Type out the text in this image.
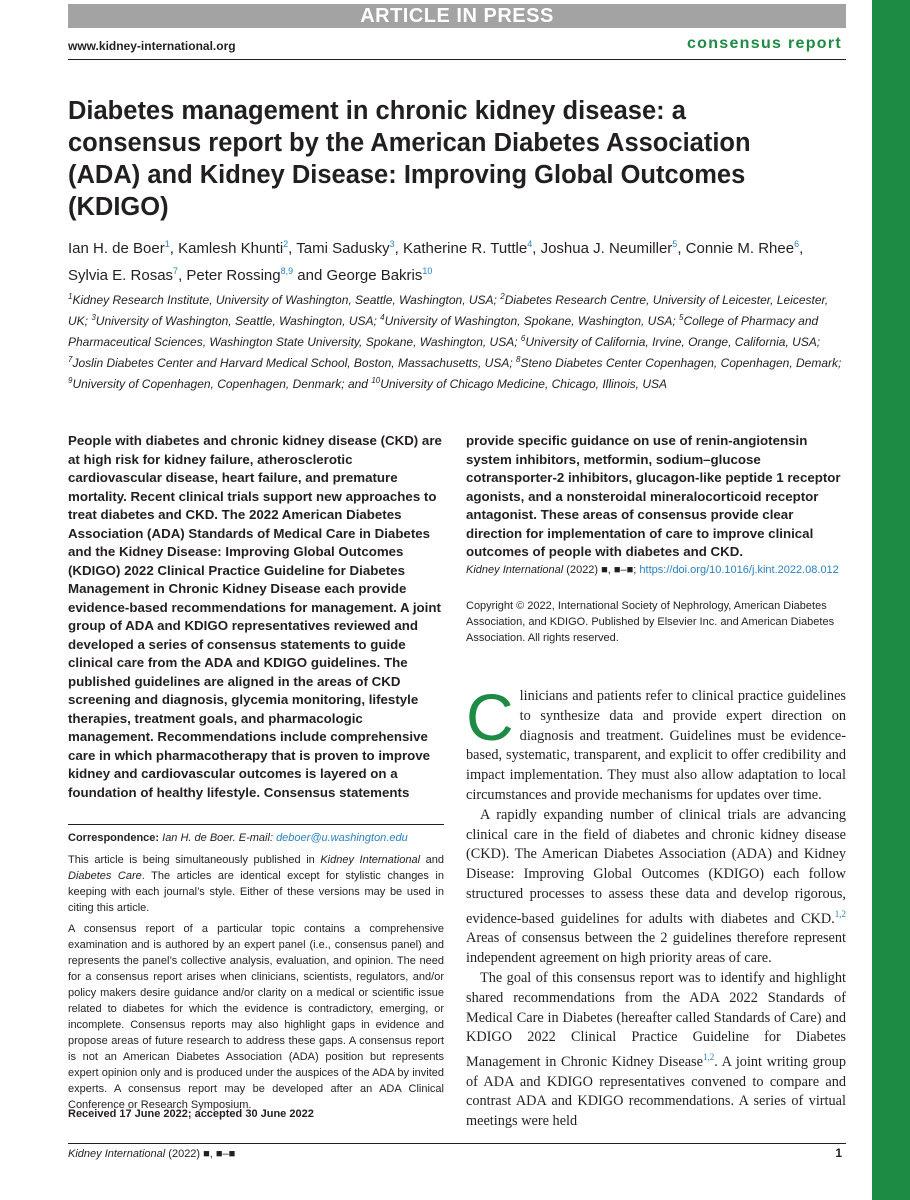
ARTICLE IN PRESS
www.kidney-international.org	consensus report
Diabetes management in chronic kidney disease: a consensus report by the American Diabetes Association (ADA) and Kidney Disease: Improving Global Outcomes (KDIGO)
Ian H. de Boer$^1$, Kamlesh Khunti$^2$, Tami Sadusky$^3$, Katherine R. Tuttle$^4$, Joshua J. Neumiller$^5$, Connie M. Rhee$^6$, Sylvia E. Rosas$^7$, Peter Rossing$^{8,9}$ and George Bakris$^{10}$
$^1$Kidney Research Institute, University of Washington, Seattle, Washington, USA; $^2$Diabetes Research Centre, University of Leicester, Leicester, UK; $^3$University of Washington, Seattle, Washington, USA; $^4$University of Washington, Spokane, Washington, USA; $^5$College of Pharmacy and Pharmaceutical Sciences, Washington State University, Spokane, Washington, USA; $^6$University of California, Irvine, Orange, California, USA; $^7$Joslin Diabetes Center and Harvard Medical School, Boston, Massachusetts, USA; $^8$Steno Diabetes Center Copenhagen, Copenhagen, Demark; $^9$University of Copenhagen, Copenhagen, Denmark; and $^{10}$University of Chicago Medicine, Chicago, Illinois, USA
People with diabetes and chronic kidney disease (CKD) are at high risk for kidney failure, atherosclerotic cardiovascular disease, heart failure, and premature mortality. Recent clinical trials support new approaches to treat diabetes and CKD. The 2022 American Diabetes Association (ADA) Standards of Medical Care in Diabetes and the Kidney Disease: Improving Global Outcomes (KDIGO) 2022 Clinical Practice Guideline for Diabetes Management in Chronic Kidney Disease each provide evidence-based recommendations for management. A joint group of ADA and KDIGO representatives reviewed and developed a series of consensus statements to guide clinical care from the ADA and KDIGO guidelines. The published guidelines are aligned in the areas of CKD screening and diagnosis, glycemia monitoring, lifestyle therapies, treatment goals, and pharmacologic management. Recommendations include comprehensive care in which pharmacotherapy that is proven to improve kidney and cardiovascular outcomes is layered on a foundation of healthy lifestyle. Consensus statements
provide specific guidance on use of renin-angiotensin system inhibitors, metformin, sodium–glucose cotransporter-2 inhibitors, glucagon-like peptide 1 receptor agonists, and a nonsteroidal mineralocorticoid receptor antagonist. These areas of consensus provide clear direction for implementation of care to improve clinical outcomes of people with diabetes and CKD.
Kidney International (2022) ■, ■–■; https://doi.org/10.1016/j.kint.2022.08.012
Copyright © 2022, International Society of Nephrology, American Diabetes Association, and KDIGO. Published by Elsevier Inc. and American Diabetes Association. All rights reserved.

Clinicians and patients refer to clinical practice guidelines to synthesize data and provide expert direction on diagnosis and treatment. Guidelines must be evidence-based, systematic, transparent, and explicit to offer credibility and impact implementation. They must also allow adaptation to local circumstances and provide mechanisms for updates over time.

A rapidly expanding number of clinical trials are advancing clinical care in the field of diabetes and chronic kidney disease (CKD). The American Diabetes Association (ADA) and Kidney Disease: Improving Global Outcomes (KDIGO) each follow structured processes to assess these data and develop rigorous, evidence-based guidelines for adults with diabetes and CKD.$^{1,2}$ Areas of consensus between the 2 guidelines therefore represent independent agreement on high priority areas of care.

The goal of this consensus report was to identify and highlight shared recommendations from the ADA 2022 Standards of Medical Care in Diabetes (hereafter called Standards of Care) and KDIGO 2022 Clinical Practice Guideline for Diabetes Management in Chronic Kidney Disease$^{1,2}$. A joint writing group of ADA and KDIGO representatives convened to compare and contrast ADA and KDIGO recommendations. A series of virtual meetings were held

Correspondence: Ian H. de Boer. E-mail: deboer@u.washington.edu
This article is being simultaneously published in Kidney International and Diabetes Care. The articles are identical except for stylistic changes in keeping with each journal’s style. Either of these versions may be used in citing this article.
A consensus report of a particular topic contains a comprehensive examination and is authored by an expert panel (i.e., consensus panel) and represents the panel’s collective analysis, evaluation, and opinion. The need for a consensus report arises when clinicians, scientists, regulators, and/or policy makers desire guidance and/or clarity on a medical or scientific issue related to diabetes for which the evidence is contradictory, emerging, or incomplete. Consensus reports may also highlight gaps in evidence and propose areas of future research to address these gaps. A consensus report is not an American Diabetes Association (ADA) position but represents expert opinion only and is produced under the auspices of the ADA by invited experts. A consensus report may be developed after an ADA Clinical Conference or Research Symposium.
Received 17 June 2022; accepted 30 June 2022
Kidney International (2022) ■, ■–■	1
